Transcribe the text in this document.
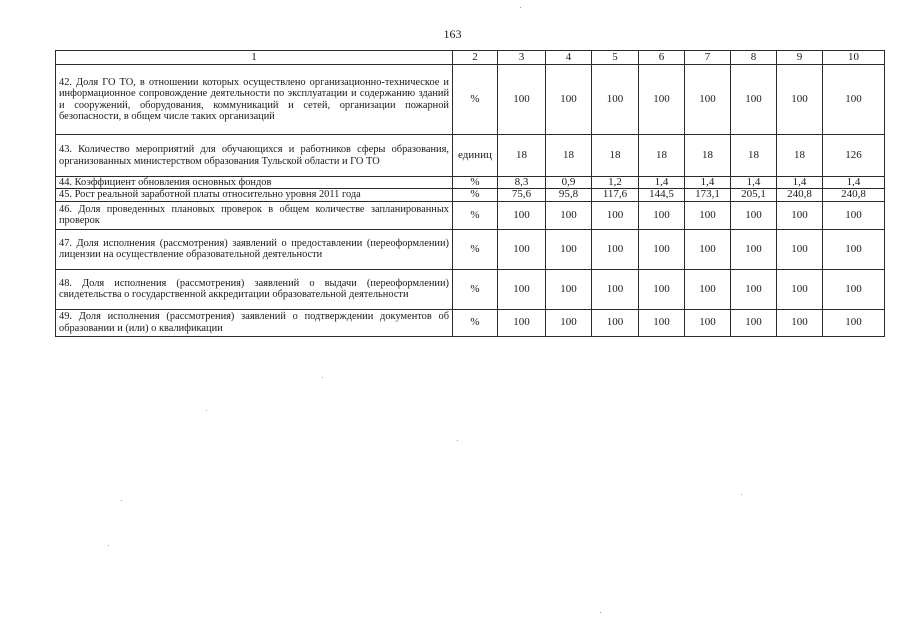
163
1	2	3	4	5	6	7	8	9	10
42. Доля ГО ТО, в отношении которых осуществлено организационно-техническое и информационное сопровождение деятельности по эксплуатации и содержанию зданий и сооружений, оборудования, коммуникаций и сетей, организации пожарной безопасности, в общем числе таких организаций	%	100	100	100	100	100	100	100	100
43. Количество мероприятий для обучающихся и работников сферы образования, организованных министерством образования Тульской области и ГО ТО	единиц	18	18	18	18	18	18	18	126
44. Коэффициент обновления основных фондов	%	8,3	0,9	1,2	1,4	1,4	1,4	1,4	1,4
45. Рост реальной заработной платы относительно уровня 2011 года	%	75,6	95,8	117,6	144,5	173,1	205,1	240,8	240,8
46. Доля проведенных плановых проверок в общем количестве запланированных проверок	%	100	100	100	100	100	100	100	100
47. Доля исполнения (рассмотрения) заявлений о предоставлении (переоформлении) лицензии на осуществление образовательной деятельности	%	100	100	100	100	100	100	100	100
48. Доля исполнения (рассмотрения) заявлений о выдачи (переоформлении) свидетельства о государственной аккредитации образовательной деятельности	%	100	100	100	100	100	100	100	100
49. Доля исполнения (рассмотрения) заявлений о подтверждении документов об образовании и (или) о квалификации	%	100	100	100	100	100	100	100	100
